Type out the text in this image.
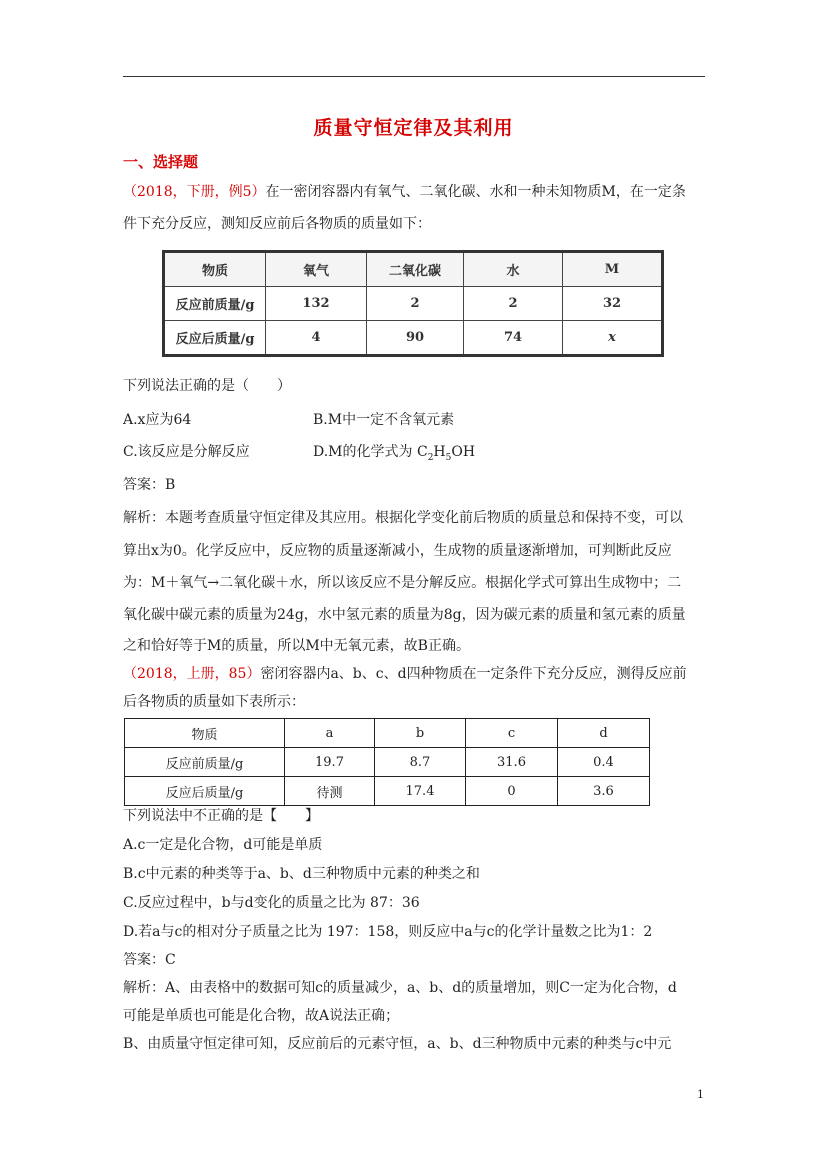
质量守恒定律及其利用
一、选择题
（2018，下册，例5）在一密闭容器内有氧气、二氧化碳、水和一种未知物质M，在一定条
件下充分反应，测知反应前后各物质的质量如下：
物质	氧气	二氧化碳	水	M
反应前质量/g	132	2	2	32
反应后质量/g	4	90	74	x
下列说法正确的是（　　）
A.x应为64	B.M中一定不含氧元素
C.该反应是分解反应	D.M的化学式为 $C_2H_5OH$
答案：B
解析：本题考查质量守恒定律及其应用。根据化学变化前后物质的质量总和保持不变，可以
算出x为0。化学反应中，反应物的质量逐渐减小，生成物的质量逐渐增加，可判断此反应
为：M＋氧气→二氧化碳＋水，所以该反应不是分解反应。根据化学式可算出生成物中；二
氧化碳中碳元素的质量为24g，水中氢元素的质量为8g，因为碳元素的质量和氢元素的质量
之和恰好等于M的质量，所以M中无氧元素，故B正确。
（2018，上册，85）密闭容器内a、b、c、d四种物质在一定条件下充分反应，测得反应前
后各物质的质量如下表所示：
物质	a	b	c	d
反应前质量/g	19.7	8.7	31.6	0.4
反应后质量/g	待测	17.4	0	3.6
下列说法中不正确的是【　　】
A.c一定是化合物，d可能是单质
B.c中元素的种类等于a、b、d三种物质中元素的种类之和
C.反应过程中，b与d变化的质量之比为 87：36
D.若a与c的相对分子质量之比为 197：158，则反应中a与c的化学计量数之比为1：2
答案：C
解析：A、由表格中的数据可知c的质量减少，a、b、d的质量增加，则C一定为化合物，d
可能是单质也可能是化合物，故A说法正确；
B、由质量守恒定律可知，反应前后的元素守恒，a、b、d三种物质中元素的种类与c中元
1
